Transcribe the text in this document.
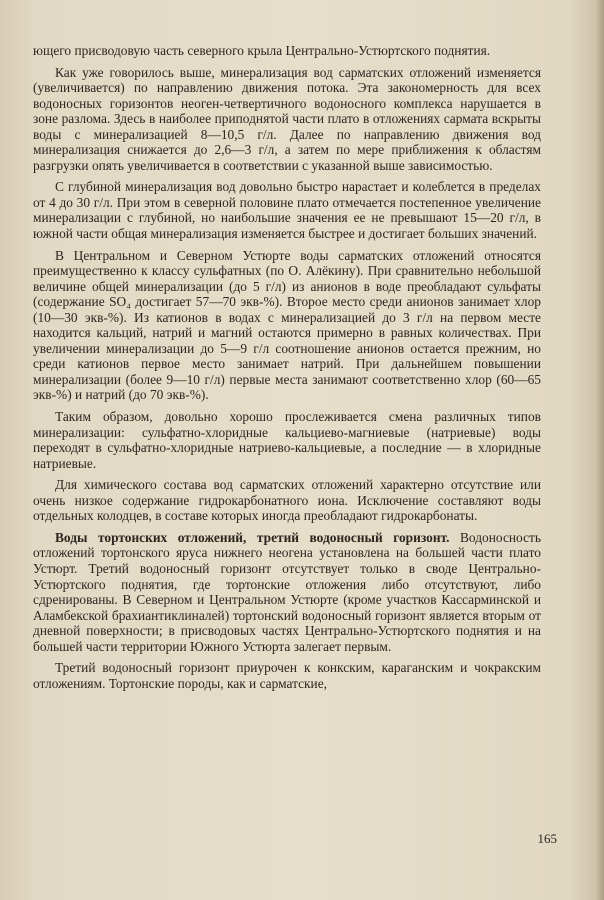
ющего присводовую часть северного крыла Центрально-Устюртского поднятия.

Как уже говорилось выше, минерализация вод сарматских отложений изменяется (увеличивается) по направлению движения потока. Эта закономерность для всех водоносных горизонтов неоген-четвертичного водоносного комплекса нарушается в зоне разлома. Здесь в наиболее приподнятой части плато в отложениях сармата вскрыты воды с минерализацией 8—10,5 г/л. Далее по направлению движения вод минерализация снижается до 2,6—3 г/л, а затем по мере приближения к областям разгрузки опять увеличивается в соответствии с указанной выше зависимостью.

С глубиной минерализация вод довольно быстро нарастает и колеблется в пределах от 4 до 30 г/л. При этом в северной половине плато отмечается постепенное увеличение минерализации с глубиной, но наибольшие значения ее не превышают 15—20 г/л, в южной части общая минерализация изменяется быстрее и достигает больших значений.

В Центральном и Северном Устюрте воды сарматских отложений относятся преимущественно к классу сульфатных (по О. Алёкину). При сравнительно небольшой величине общей минерализации (до 5 г/л) из анионов в воде преобладают сульфаты (содержание SO₄ достигает 57—70 экв-%). Второе место среди анионов занимает хлор (10—30 экв-%). Из катионов в водах с минерализацией до 3 г/л на первом месте находится кальций, натрий и магний остаются примерно в равных количествах. При увеличении минерализации до 5—9 г/л соотношение анионов остается прежним, но среди катионов первое место занимает натрий. При дальнейшем повышении минерализации (более 9—10 г/л) первые места занимают соответственно хлор (60—65 экв-%) и натрий (до 70 экв-%).

Таким образом, довольно хорошо прослеживается смена различных типов минерализации: сульфатно-хлоридные кальциево-магниевые (натриевые) воды переходят в сульфатно-хлоридные натриево-кальциевые, а последние — в хлоридные натриевые.

Для химического состава вод сарматских отложений характерно отсутствие или очень низкое содержание гидрокарбонатного иона. Исключение составляют воды отдельных колодцев, в составе которых иногда преобладают гидрокарбонаты.

Воды тортонских отложений, третий водоносный горизонт. Водоносность отложений тортонского яруса нижнего неогена установлена на большей части плато Устюрт. Третий водоносный горизонт отсутствует только в своде Центрально-Устюртского поднятия, где тортонские отложения либо отсутствуют, либо сдренированы. В Северном и Центральном Устюрте (кроме участков Кассарминской и Аламбекской брахиантиклиналей) тортонский водоносный горизонт является вторым от дневной поверхности; в присводовых частях Центрально-Устюртского поднятия и на большей части территории Южного Устюрта залегает первым.

Третий водоносный горизонт приурочен к конкским, караганским и чокракским отложениям. Тортонские породы, как и сарматские,

165
